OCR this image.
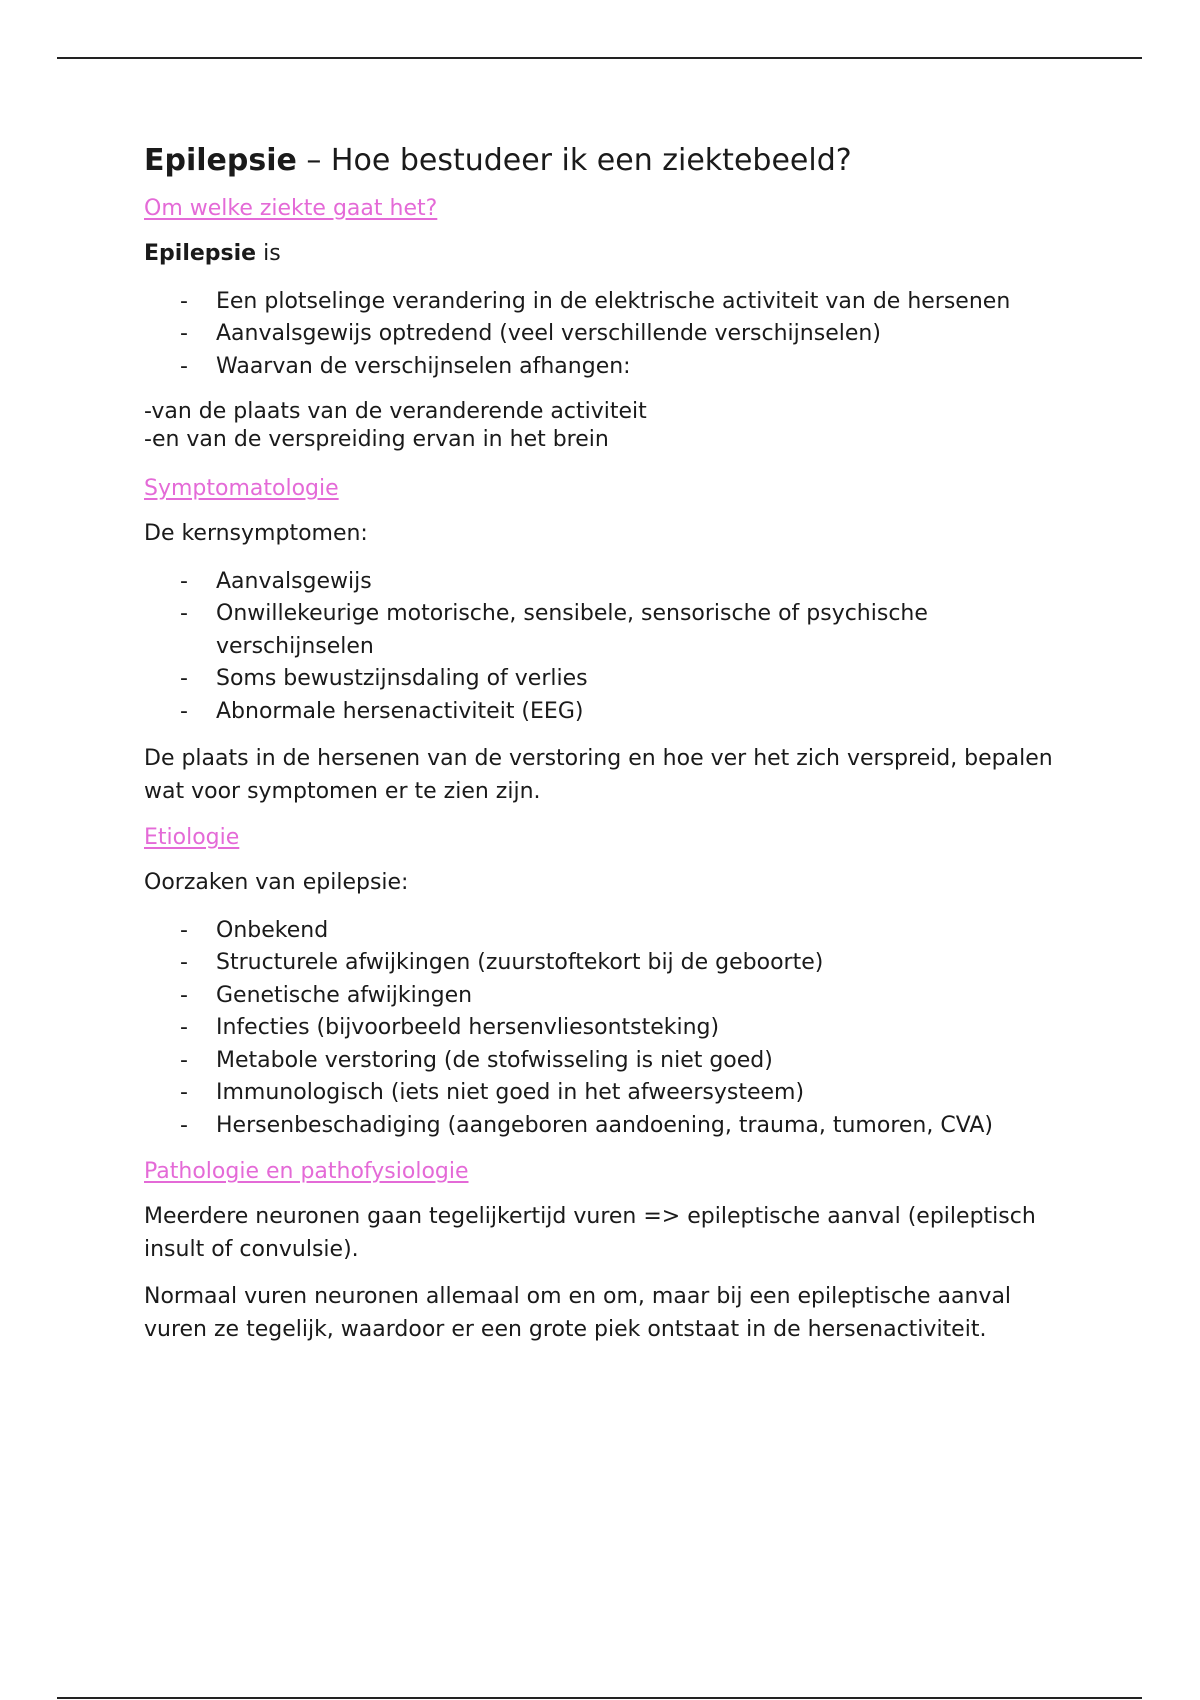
Epilepsie – Hoe bestudeer ik een ziektebeeld?
Om welke ziekte gaat het?

Epilepsie is

- Een plotselinge verandering in de elektrische activiteit van de hersenen
- Aanvalsgewijs optredend (veel verschillende verschijnselen)
- Waarvan de verschijnselen afhangen:
-van de plaats van de veranderende activiteit
-en van de verspreiding ervan in het brein
Symptomatologie

De kernsymptomen:

- Aanvalsgewijs
- Onwillekeurige motorische, sensibele, sensorische of psychische verschijnselen
- Soms bewustzijnsdaling of verlies
- Abnormale hersenactiviteit (EEG)

De plaats in de hersenen van de verstoring en hoe ver het zich verspreid, bepalen wat voor symptomen er te zien zijn.

Etiologie

Oorzaken van epilepsie:

- Onbekend
- Structurele afwijkingen (zuurstoftekort bij de geboorte)
- Genetische afwijkingen
- Infecties (bijvoorbeeld hersenvliesontsteking)
- Metabole verstoring (de stofwisseling is niet goed)
- Immunologisch (iets niet goed in het afweersysteem)
- Hersenbeschadiging (aangeboren aandoening, trauma, tumoren, CVA)
Pathologie en pathofysiologie

Meerdere neuronen gaan tegelijkertijd vuren => epileptische aanval (epileptisch insult of convulsie).

Normaal vuren neuronen allemaal om en om, maar bij een epileptische aanval vuren ze tegelijk, waardoor er een grote piek ontstaat in de hersenactiviteit.
